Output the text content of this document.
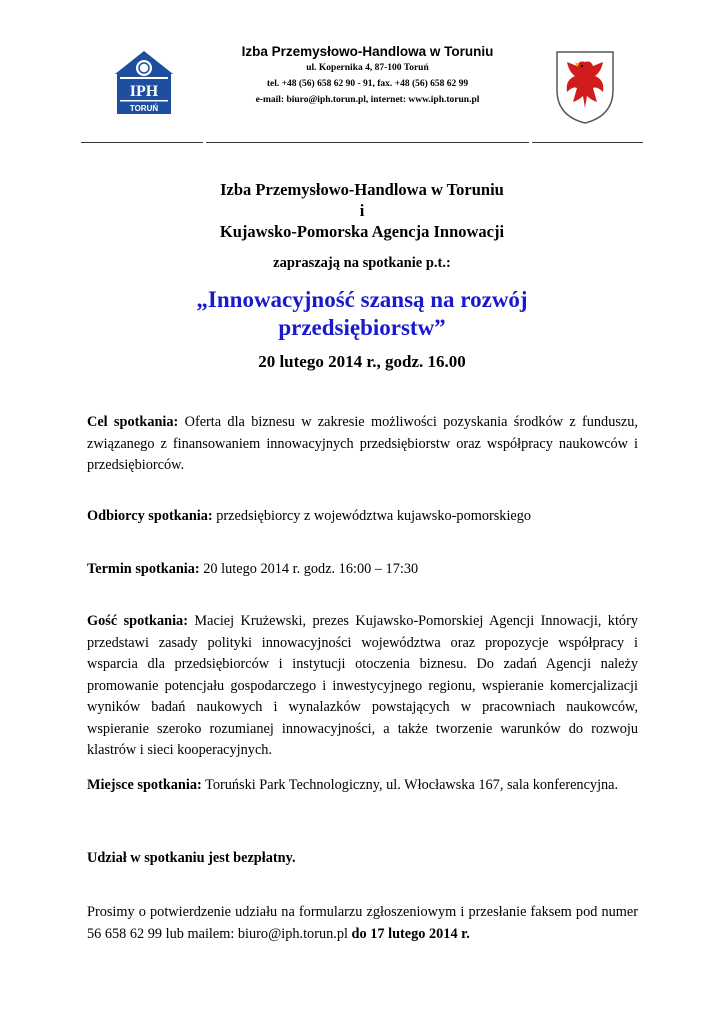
IPH
TORUŃ
Izba Przemysłowo-Handlowa w Toruniu
ul. Kopernika 4, 87-100 Toruń
tel. +48 (56) 658 62 90 - 91, fax. +48 (56) 658 62 99
e-mail: biuro@iph.torun.pl, internet: www.iph.torun.pl
Izba Przemysłowo-Handlowa w Toruniu
i
Kujawsko-Pomorska Agencja Innowacji
zapraszają na spotkanie p.t.:
„Innowacyjność szansą na rozwój
przedsiębiorstw”
20 lutego 2014 r., godz. 16.00
Cel spotkania: Oferta dla biznesu w zakresie możliwości pozyskania środków z funduszu, związanego z finansowaniem innowacyjnych przedsiębiorstw oraz współpracy naukowców i przedsiębiorców.
Odbiorcy spotkania: przedsiębiorcy z województwa kujawsko-pomorskiego
Termin spotkania: 20 lutego 2014 r. godz. 16:00 – 17:30
Gość spotkania: Maciej Krużewski, prezes Kujawsko-Pomorskiej Agencji Innowacji, który przedstawi zasady polityki innowacyjności województwa oraz propozycje współpracy i wsparcia dla przedsiębiorców i instytucji otoczenia biznesu. Do zadań Agencji należy promowanie potencjału gospodarczego i inwestycyjnego regionu, wspieranie komercjalizacji wyników badań naukowych i wynalazków powstających w pracowniach naukowców, wspieranie szeroko rozumianej innowacyjności, a także tworzenie warunków do rozwoju klastrów i sieci kooperacyjnych.
Miejsce spotkania: Toruński Park Technologiczny, ul. Włocławska 167, sala konferencyjna.
Udział w spotkaniu jest bezpłatny.
Prosimy o potwierdzenie udziału na formularzu zgłoszeniowym i przesłanie faksem pod numer 56 658 62 99 lub mailem: biuro@iph.torun.pl do 17 lutego 2014 r.
